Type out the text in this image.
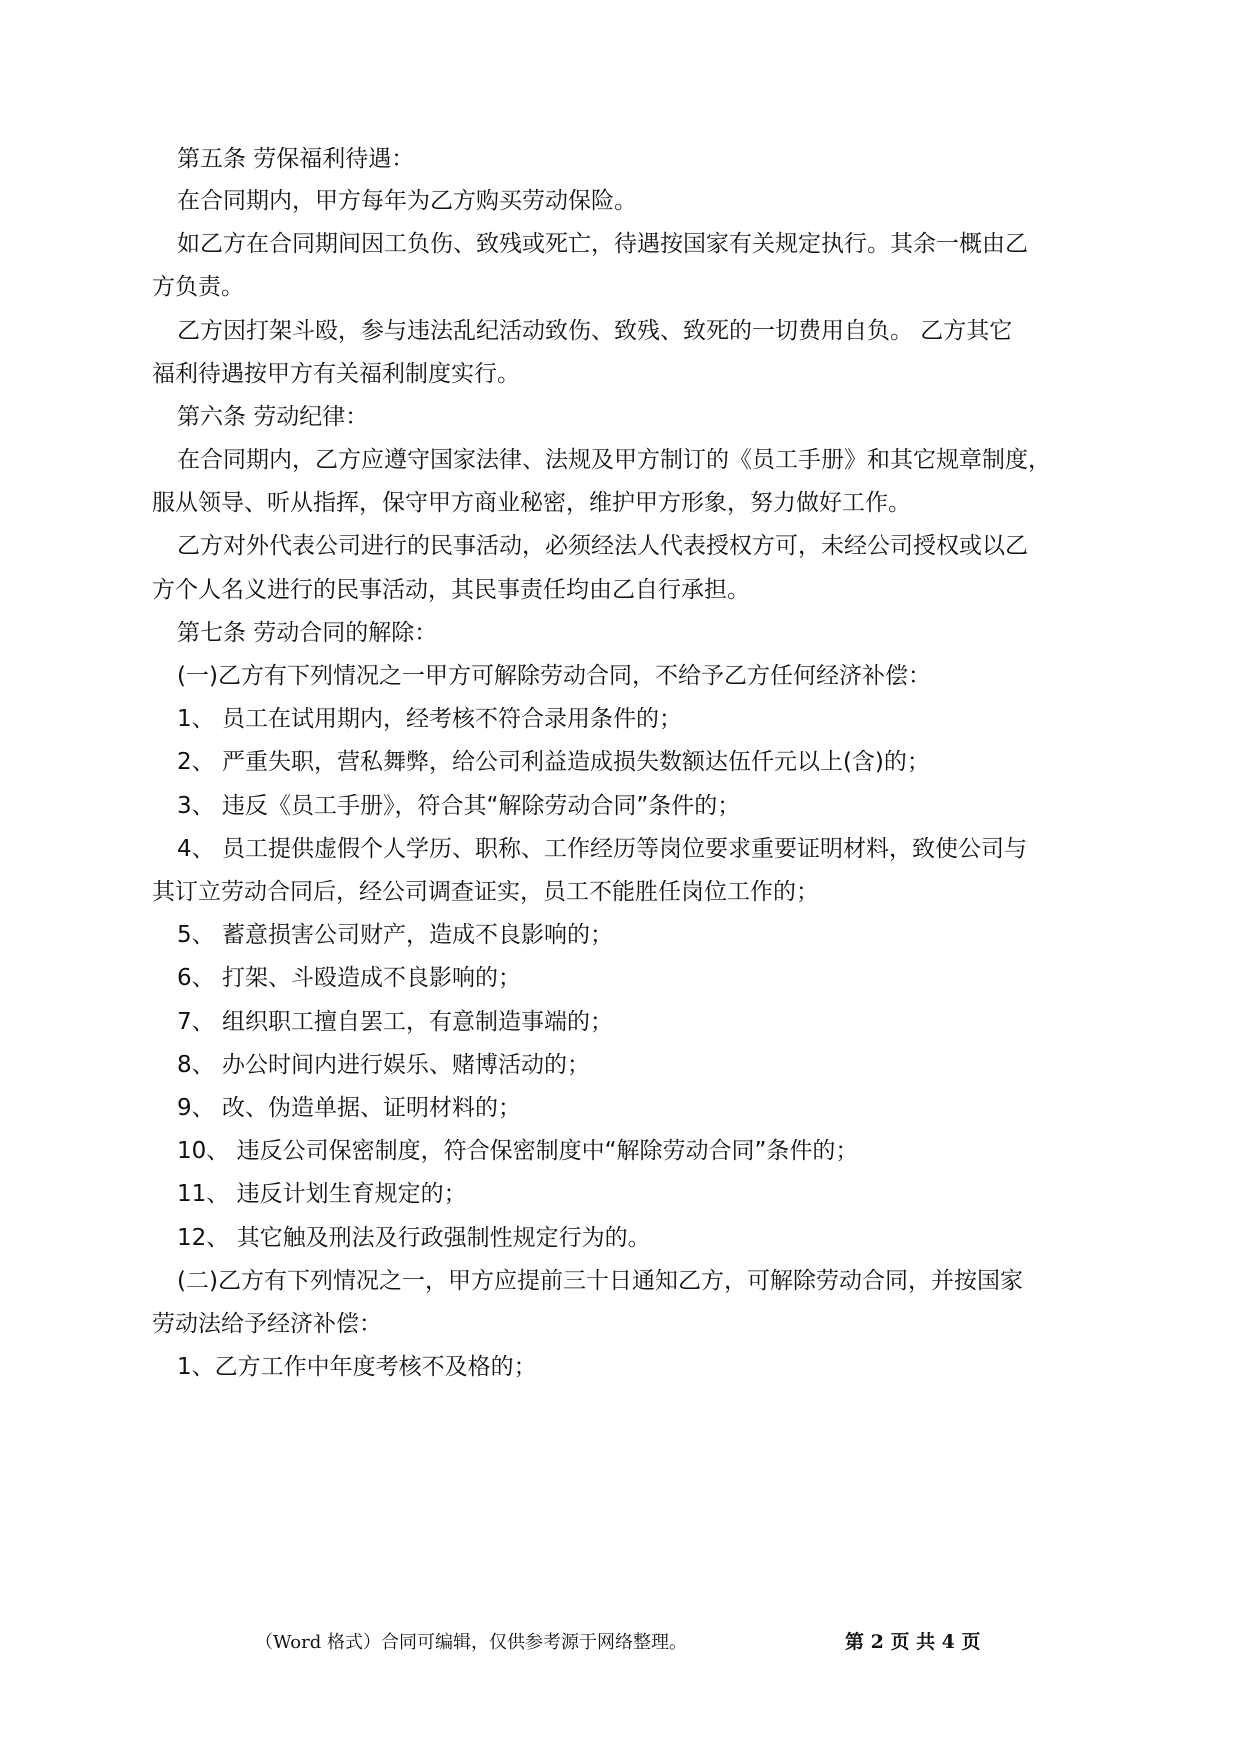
第五条 劳保福利待遇：
在合同期内，甲方每年为乙方购买劳动保险。
如乙方在合同期间因工负伤、致残或死亡，待遇按国家有关规定执行。其余一概由乙
方负责。
乙方因打架斗殴，参与违法乱纪活动致伤、致残、致死的一切费用自负。 乙方其它
福利待遇按甲方有关福利制度实行。
第六条 劳动纪律：
在合同期内，乙方应遵守国家法律、法规及甲方制订的《员工手册》和其它规章制度，
服从领导、听从指挥，保守甲方商业秘密，维护甲方形象，努力做好工作。
乙方对外代表公司进行的民事活动，必须经法人代表授权方可，未经公司授权或以乙
方个人名义进行的民事活动，其民事责任均由乙自行承担。
第七条 劳动合同的解除：
(一)乙方有下列情况之一甲方可解除劳动合同，不给予乙方任何经济补偿：
1、 员工在试用期内，经考核不符合录用条件的；
2、 严重失职，营私舞弊，给公司利益造成损失数额达伍仟元以上(含)的；
3、 违反《员工手册》，符合其“解除劳动合同”条件的；
4、 员工提供虚假个人学历、职称、工作经历等岗位要求重要证明材料，致使公司与
其订立劳动合同后，经公司调查证实，员工不能胜任岗位工作的；
5、 蓄意损害公司财产，造成不良影响的；
6、 打架、斗殴造成不良影响的；
7、 组织职工擅自罢工，有意制造事端的；
8、 办公时间内进行娱乐、赌博活动的；
9、 改、伪造单据、证明材料的；
10、 违反公司保密制度，符合保密制度中“解除劳动合同”条件的；
11、 违反计划生育规定的；
12、 其它触及刑法及行政强制性规定行为的。
(二)乙方有下列情况之一，甲方应提前三十日通知乙方，可解除劳动合同，并按国家
劳动法给予经济补偿：
1、乙方工作中年度考核不及格的；
（Word 格式）合同可编辑，仅供参考源于网络整理。	第 2 页 共 4 页
